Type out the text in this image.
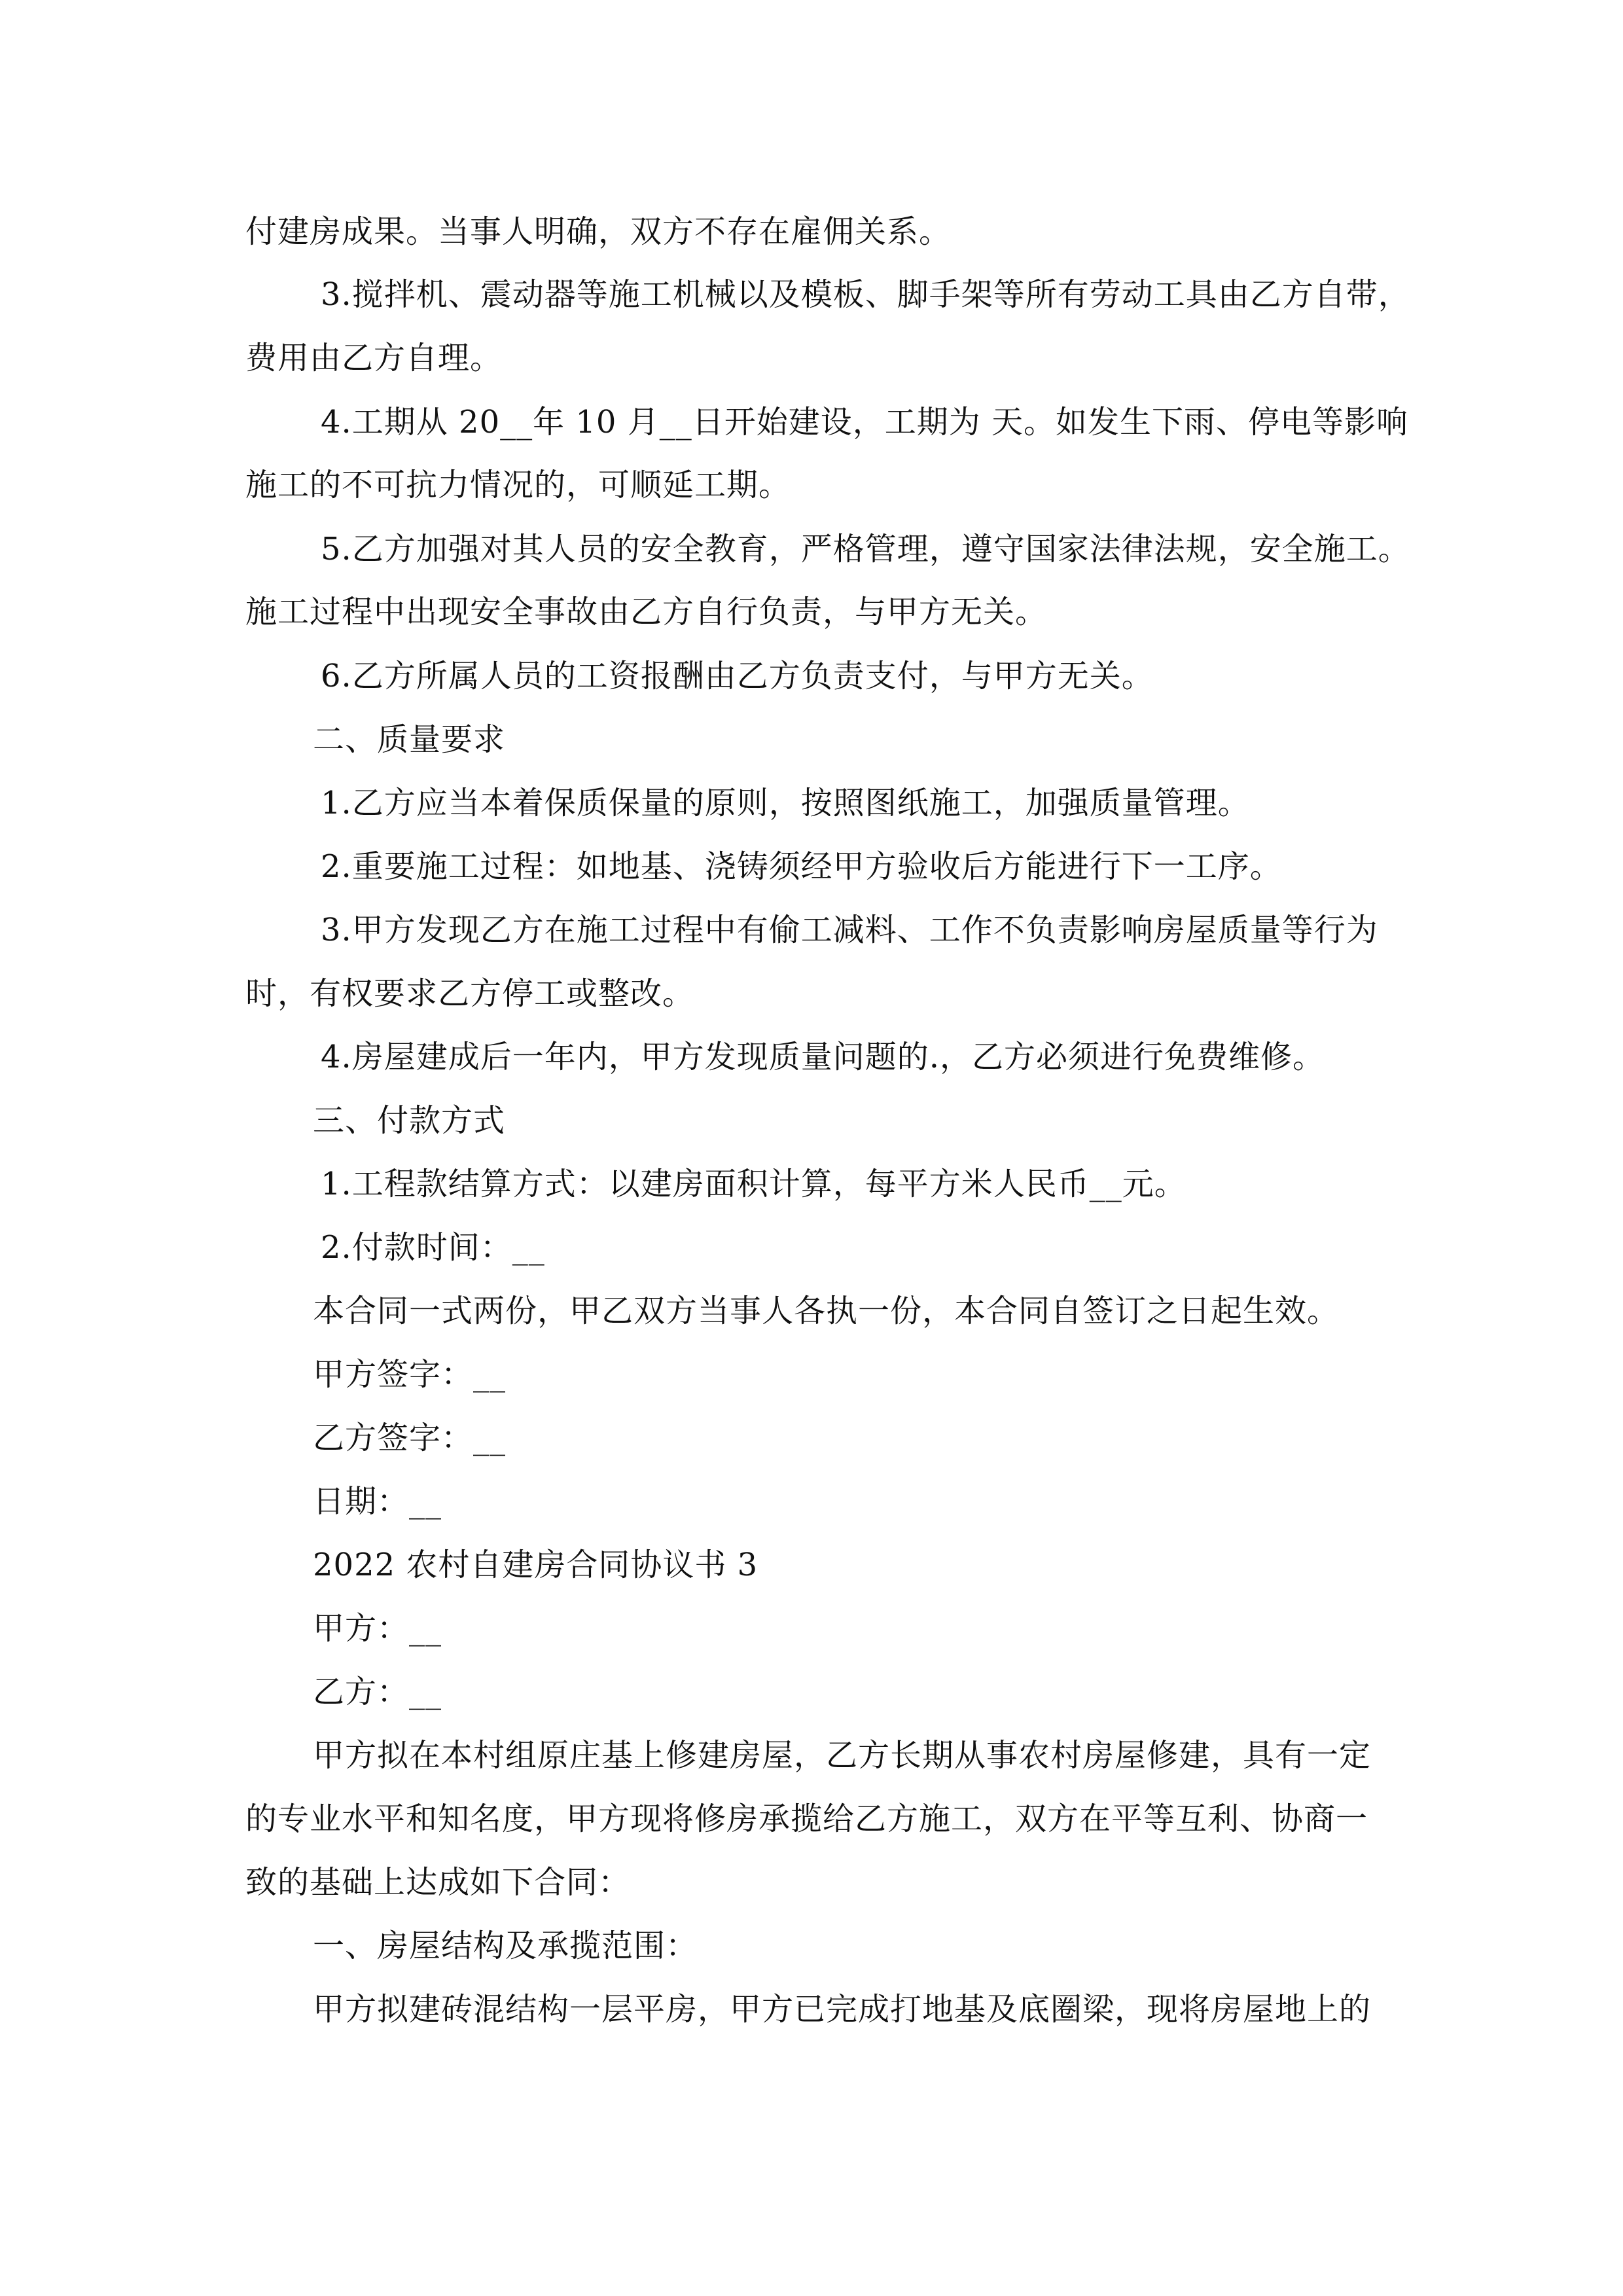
付建房成果。当事人明确，双方不存在雇佣关系。
3.搅拌机、震动器等施工机械以及模板、脚手架等所有劳动工具由乙方自带，
费用由乙方自理。
4.工期从 20__年 10 月__日开始建设，工期为 天。如发生下雨、停电等影响
施工的不可抗力情况的，可顺延工期。
5.乙方加强对其人员的安全教育，严格管理，遵守国家法律法规，安全施工。
施工过程中出现安全事故由乙方自行负责，与甲方无关。
6.乙方所属人员的工资报酬由乙方负责支付，与甲方无关。
二、质量要求
1.乙方应当本着保质保量的原则，按照图纸施工，加强质量管理。
2.重要施工过程：如地基、浇铸须经甲方验收后方能进行下一工序。
3.甲方发现乙方在施工过程中有偷工减料、工作不负责影响房屋质量等行为
时，有权要求乙方停工或整改。
4.房屋建成后一年内，甲方发现质量问题的.，乙方必须进行免费维修。
三、付款方式
1.工程款结算方式：以建房面积计算，每平方米人民币__元。
2.付款时间：__
本合同一式两份，甲乙双方当事人各执一份，本合同自签订之日起生效。
甲方签字：__
乙方签字：__
日期：__
2022 农村自建房合同协议书 3
甲方：__
乙方：__
甲方拟在本村组原庄基上修建房屋，乙方长期从事农村房屋修建，具有一定
的专业水平和知名度，甲方现将修房承揽给乙方施工，双方在平等互利、协商一
致的基础上达成如下合同：
一、房屋结构及承揽范围：
甲方拟建砖混结构一层平房，甲方已完成打地基及底圈梁，现将房屋地上的
